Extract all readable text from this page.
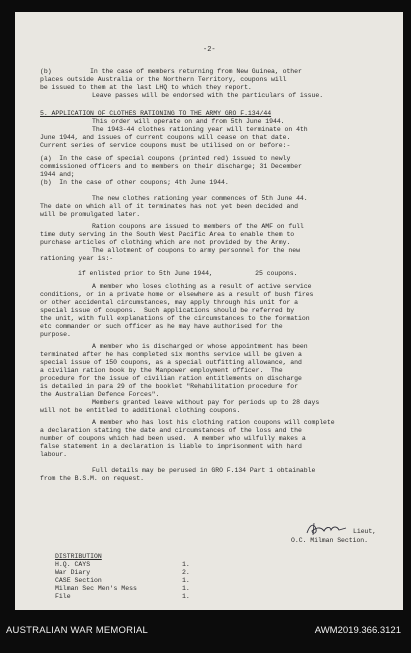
-2-
(b)          In the case of members returning from New Guinea, other
places outside Australia or the Northern Territory, coupons will
be issued to them at the last LHQ to which they report.
Leave passes will be endorsed with the particulars of issue.
5. APPLICATION OF CLOTHES RATIONING TO THE ARMY GRO F.134/44
This order will operate on and from 5th June 1944.
The 1943-44 clothes rationing year will terminate on 4th
June 1944, and issues of current coupons will cease on that date.
Current series of service coupons must be utilised on or before:-
(a)  In the case of special coupons (printed red) issued to newly
commissioned officers and to members on their discharge; 31 December
1944 and;
(b)  In the case of other coupons; 4th June 1944.
The new clothes rationing year commences of 5th June 44.
The date on which all of it terminates has not yet been decided and
will be promulgated later.
Ration coupons are issued to members of the AMF on full
time duty serving in the South West Pacific Area to enable them to
purchase articles of clothing which are not provided by the Army.
The allotment of coupons to army personnel for the new
rationing year is:-
if enlisted prior to 5th June 1944,           25 coupons.
A member who loses clothing as a result of active service
conditions, or in a private home or elsewhere as a result of bush fires
or other accidental circumstances, may apply through his unit for a
special issue of coupons.  Such applications should be referred by
the unit, with full explanations of the circumstances to the formation
etc commander or such officer as he may have authorised for the
purpose.
A member who is discharged or whose appointment has been
terminated after he has completed six months service will be given a
special issue of 150 coupons, as a special outfitting allowance, and
a civilian ration book by the Manpower employment officer.  The
procedure for the issue of civilian ration entitlements on discharge
is detailed in para 29 of the booklet "Rehabilitation procedure for
the Australian Defence Forces".
Members granted leave without pay for periods up to 28 days
will not be entitled to additional clothing coupons.
A member who has lost his clothing ration coupons will complete
a declaration stating the date and circumstances of the loss and the
number of coupons which had been used.  A member who wilfully makes a
false statement in a declaration is liable to imprisonment with hard
labour.
Full details may be perused in GRO F.134 Part 1 obtainable
from the B.S.M. on request.
Lieut,
O.C. Milman Section.
DISTRIBUTION
H.Q. CAYS	1.
War Diary	2.
CASE Section	1.
Milman Sec Men's Mess	1.
File	1.
AUSTRALIAN WAR MEMORIAL	AWM2019.366.3121
